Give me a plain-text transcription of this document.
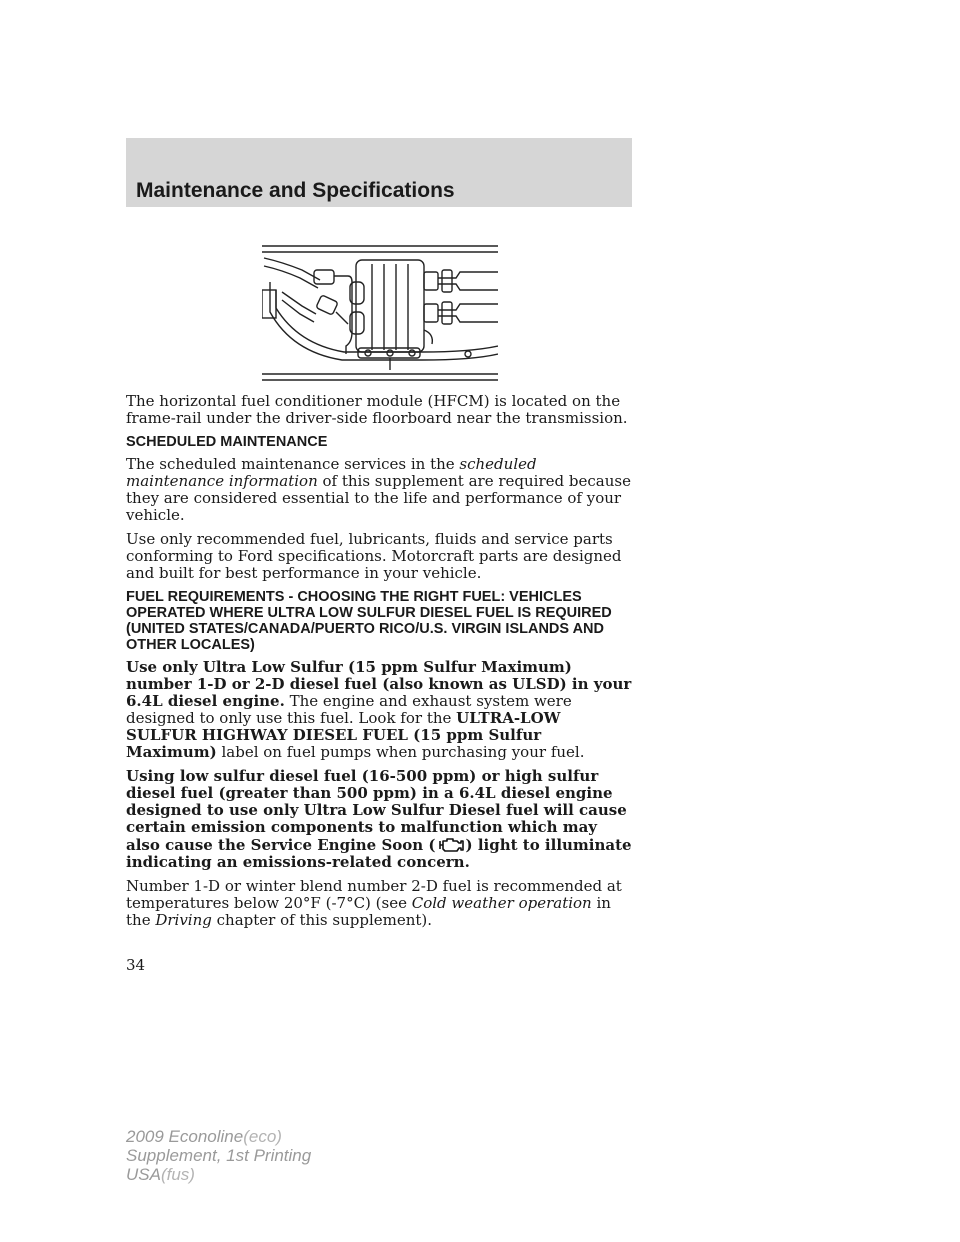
Maintenance and Specifications

The horizontal fuel conditioner module (HFCM) is located on the frame-rail under the driver-side floorboard near the transmission.

SCHEDULED MAINTENANCE

The scheduled maintenance services in the scheduled maintenance information of this supplement are required because they are considered essential to the life and performance of your vehicle.

Use only recommended fuel, lubricants, fluids and service parts conforming to Ford specifications. Motorcraft parts are designed and built for best performance in your vehicle.

FUEL REQUIREMENTS - CHOOSING THE RIGHT FUEL: VEHICLES OPERATED WHERE ULTRA LOW SULFUR DIESEL FUEL IS REQUIRED (UNITED STATES/CANADA/PUERTO RICO/U.S. VIRGIN ISLANDS AND OTHER LOCALES)

Use only Ultra Low Sulfur (15 ppm Sulfur Maximum) number 1-D or 2-D diesel fuel (also known as ULSD) in your 6.4L diesel engine. The engine and exhaust system were designed to only use this fuel. Look for the ULTRA-LOW SULFUR HIGHWAY DIESEL FUEL (15 ppm Sulfur Maximum) label on fuel pumps when purchasing your fuel.

Using low sulfur diesel fuel (16-500 ppm) or high sulfur diesel fuel (greater than 500 ppm) in a 6.4L diesel engine designed to use only Ultra Low Sulfur Diesel fuel will cause certain emission components to malfunction which may also cause the Service Engine Soon ( ) light to illuminate indicating an emissions-related concern.

Number 1-D or winter blend number 2-D fuel is recommended at temperatures below 20°F (-7°C) (see Cold weather operation in the Driving chapter of this supplement).

34
2009 Econoline(eco)
Supplement, 1st Printing
USA(fus)
